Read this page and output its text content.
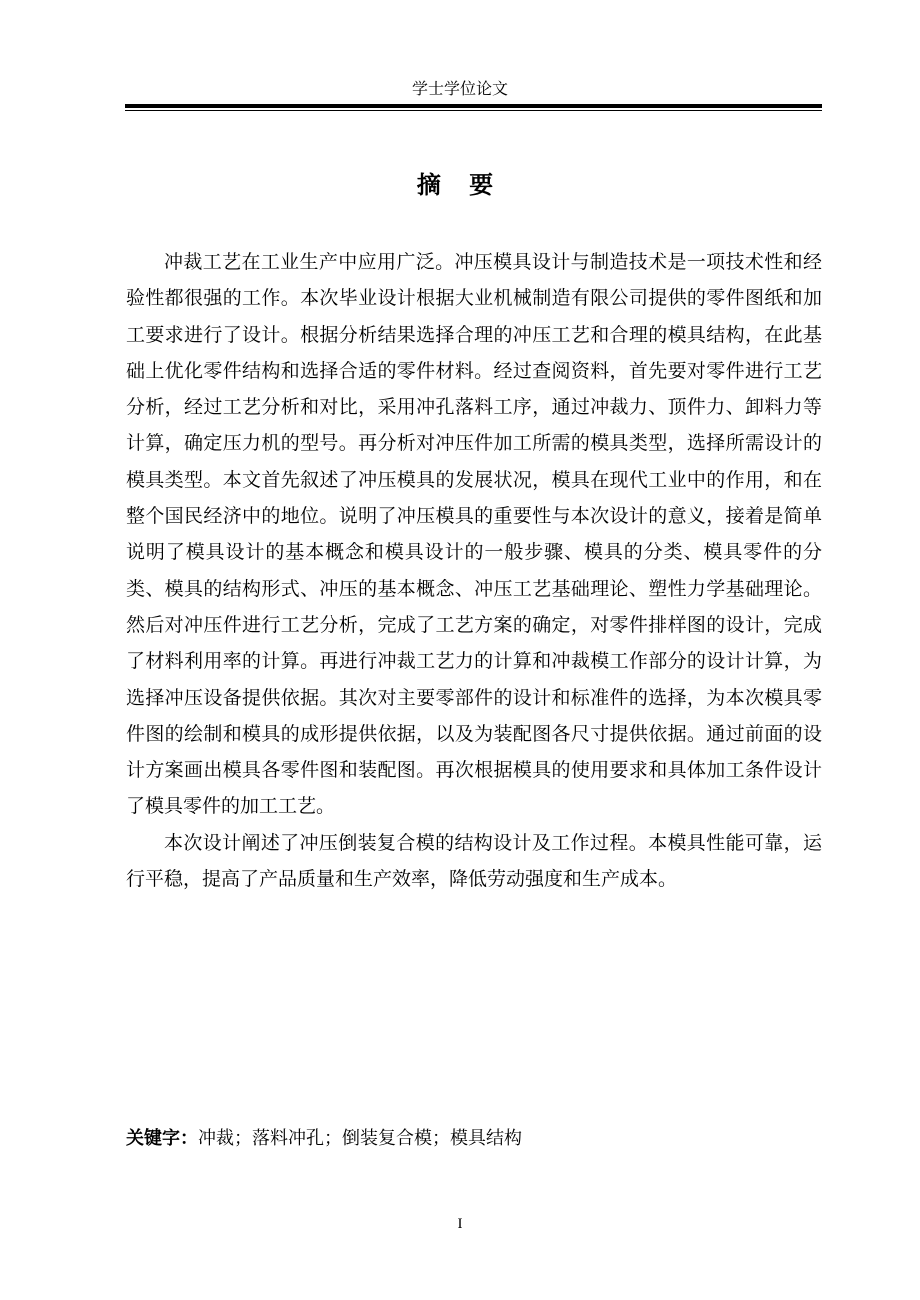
学士学位论文
摘 要

冲裁工艺在工业生产中应用广泛。冲压模具设计与制造技术是一项技术性和经验性都很强的工作。本次毕业设计根据大业机械制造有限公司提供的零件图纸和加工要求进行了设计。根据分析结果选择合理的冲压工艺和合理的模具结构，在此基础上优化零件结构和选择合适的零件材料。经过查阅资料，首先要对零件进行工艺分析，经过工艺分析和对比，采用冲孔落料工序，通过冲裁力、顶件力、卸料力等计算，确定压力机的型号。再分析对冲压件加工所需的模具类型，选择所需设计的模具类型。本文首先叙述了冲压模具的发展状况，模具在现代工业中的作用，和在整个国民经济中的地位。说明了冲压模具的重要性与本次设计的意义，接着是简单说明了模具设计的基本概念和模具设计的一般步骤、模具的分类、模具零件的分类、模具的结构形式、冲压的基本概念、冲压工艺基础理论、塑性力学基础理论。然后对冲压件进行工艺分析，完成了工艺方案的确定，对零件排样图的设计，完成了材料利用率的计算。再进行冲裁工艺力的计算和冲裁模工作部分的设计计算，为选择冲压设备提供依据。其次对主要零部件的设计和标准件的选择，为本次模具零件图的绘制和模具的成形提供依据，以及为装配图各尺寸提供依据。通过前面的设计方案画出模具各零件图和装配图。再次根据模具的使用要求和具体加工条件设计了模具零件的加工工艺。

本次设计阐述了冲压倒装复合模的结构设计及工作过程。本模具性能可靠，运行平稳，提高了产品质量和生产效率，降低劳动强度和生产成本。

关键字：冲裁；落料冲孔；倒装复合模；模具结构
I
